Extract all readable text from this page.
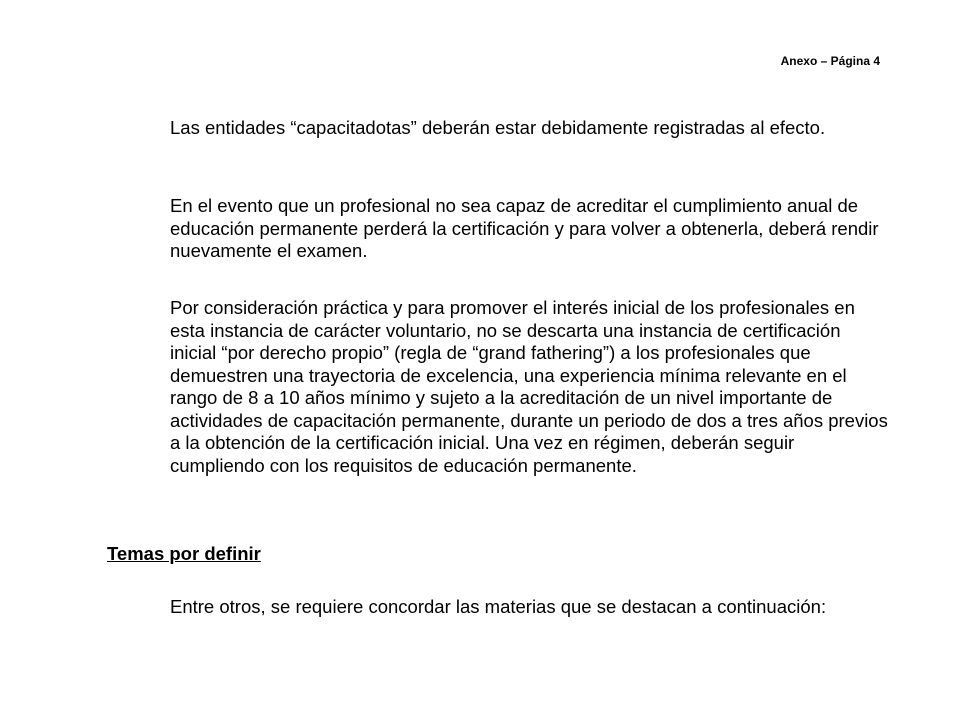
Anexo – Página 4

Las entidades “capacitadotas” deberán estar debidamente registradas al efecto.

En el evento que un profesional no sea capaz de acreditar el cumplimiento anual de educación permanente perderá la certificación y para volver a obtenerla, deberá rendir nuevamente el examen.

Por consideración práctica y para promover el interés inicial de los profesionales en esta instancia de carácter voluntario, no se descarta una instancia de certificación inicial “por derecho propio” (regla de “grand fathering”) a los profesionales que demuestren una trayectoria de excelencia, una experiencia mínima relevante en el rango de 8 a 10 años mínimo y sujeto a la acreditación de un nivel importante de actividades de capacitación permanente, durante un periodo de dos a tres años previos a la obtención de la certificación inicial. Una vez en régimen, deberán seguir cumpliendo con los requisitos de educación permanente.

Temas por definir

Entre otros, se requiere concordar las materias que se destacan a continuación:
